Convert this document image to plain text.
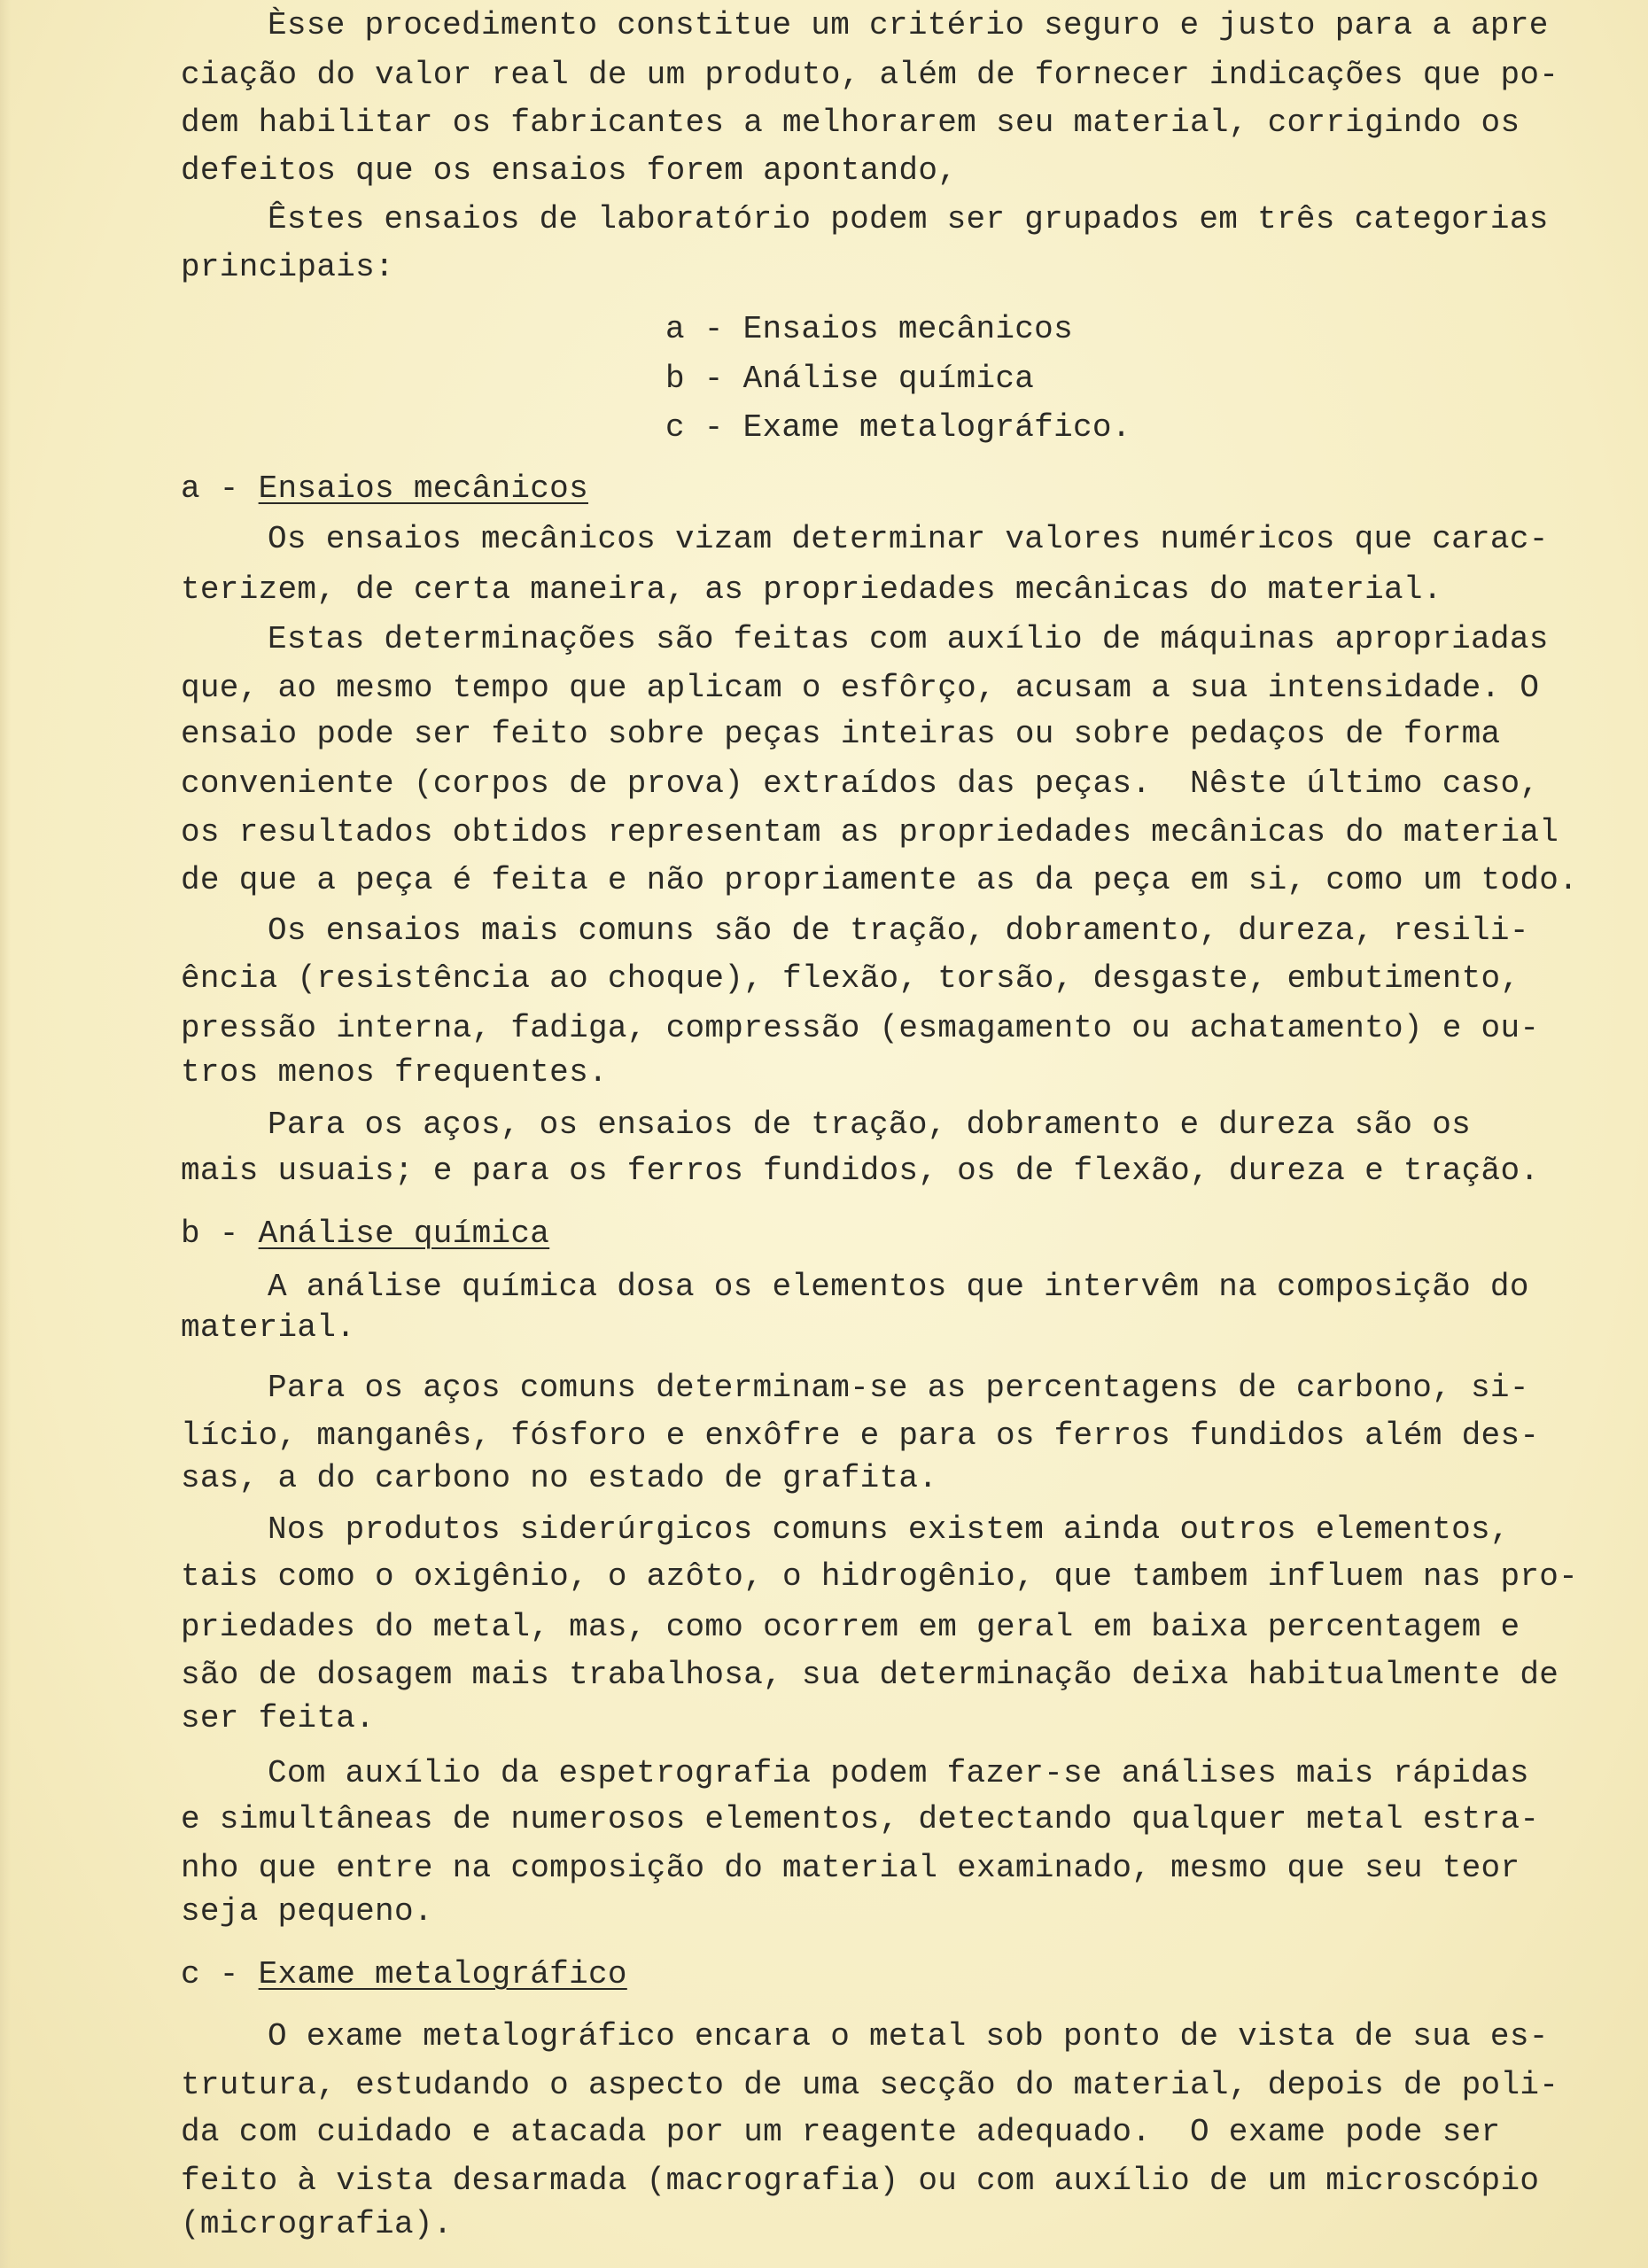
Èsse procedimento constitue um critério seguro e justo para a apre
ciação do valor real de um produto, além de fornecer indicações que po-
dem habilitar os fabricantes a melhorarem seu material, corrigindo os
defeitos que os ensaios forem apontando,
Êstes ensaios de laboratório podem ser grupados em três categorias
principais:
a - Ensaios mecânicos
b - Análise química
c - Exame metalográfico.
a - Ensaios mecânicos
Os ensaios mecânicos vizam determinar valores numéricos que carac-
terizem, de certa maneira, as propriedades mecânicas do material.
Estas determinações são feitas com auxílio de máquinas apropriadas
que, ao mesmo tempo que aplicam o esfôrço, acusam a sua intensidade. O
ensaio pode ser feito sobre peças inteiras ou sobre pedaços de forma
conveniente (corpos de prova) extraídos das peças.  Nêste último caso,
os resultados obtidos representam as propriedades mecânicas do material
de que a peça é feita e não propriamente as da peça em si, como um todo.
Os ensaios mais comuns são de tração, dobramento, dureza, resili-
ência (resistência ao choque), flexão, torsão, desgaste, embutimento,
pressão interna, fadiga, compressão (esmagamento ou achatamento) e ou-
tros menos frequentes.
Para os aços, os ensaios de tração, dobramento e dureza são os
mais usuais; e para os ferros fundidos, os de flexão, dureza e tração.
b - Análise química
A análise química dosa os elementos que intervêm na composição do
material.
Para os aços comuns determinam-se as percentagens de carbono, si-
lício, manganês, fósforo e enxôfre e para os ferros fundidos além des-
sas, a do carbono no estado de grafita.
Nos produtos siderúrgicos comuns existem ainda outros elementos,
tais como o oxigênio, o azôto, o hidrogênio, que tambem influem nas pro-
priedades do metal, mas, como ocorrem em geral em baixa percentagem e
são de dosagem mais trabalhosa, sua determinação deixa habitualmente de
ser feita.
Com auxílio da espetrografia podem fazer-se análises mais rápidas
e simultâneas de numerosos elementos, detectando qualquer metal estra-
nho que entre na composição do material examinado, mesmo que seu teor
seja pequeno.
c - Exame metalográfico
O exame metalográfico encara o metal sob ponto de vista de sua es-
trutura, estudando o aspecto de uma secção do material, depois de poli-
da com cuidado e atacada por um reagente adequado.  O exame pode ser
feito à vista desarmada (macrografia) ou com auxílio de um microscópio
(micrografia).
